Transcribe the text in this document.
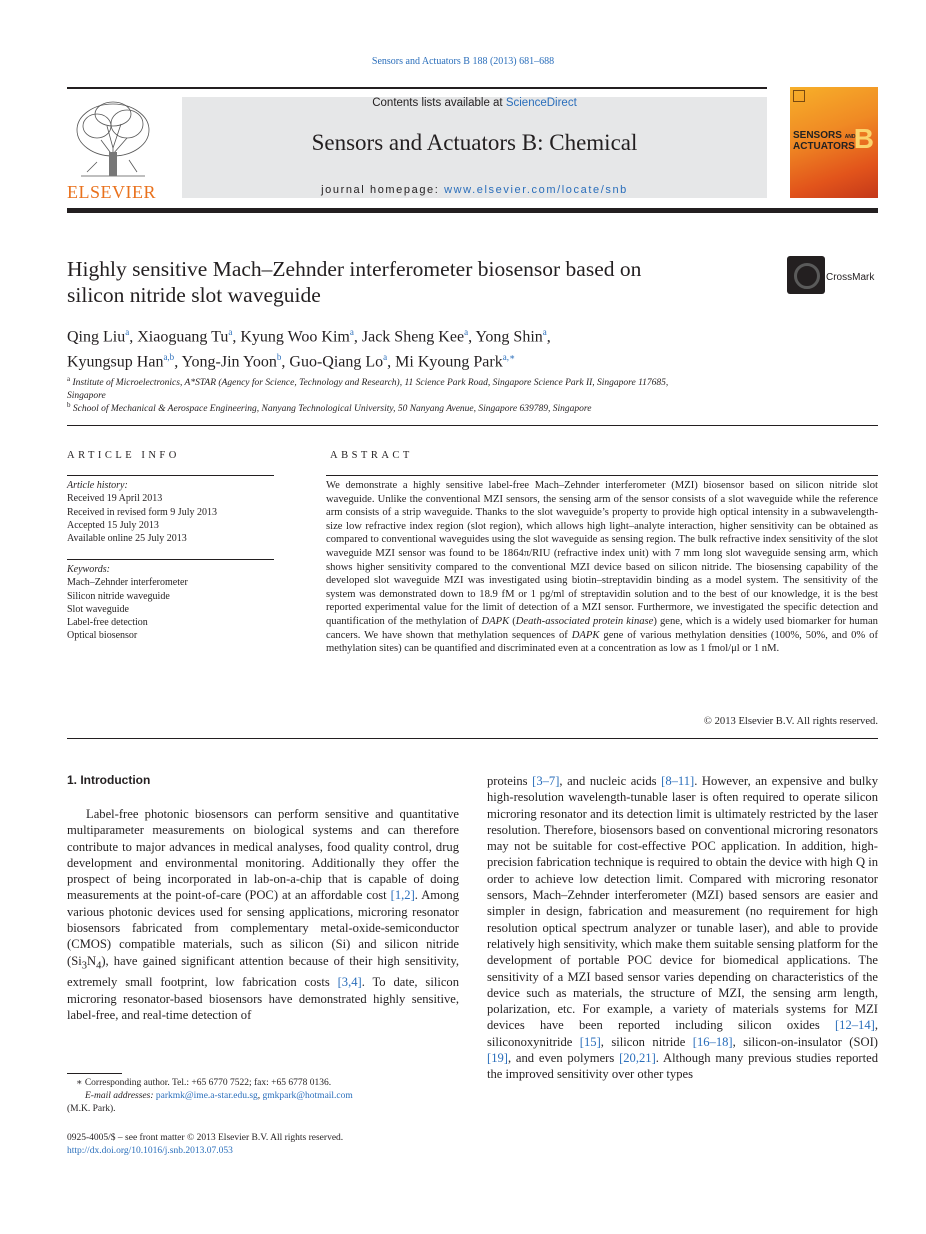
Sensors and Actuators B 188 (2013) 681–688
ELSEVIER
Contents lists available at ScienceDirect
Sensors and Actuators B: Chemical
journal homepage: www.elsevier.com/locate/snb
SENSORS AND
ACTUATORS
B
Highly sensitive Mach–Zehnder interferometer biosensor based on
silicon nitride slot waveguide
CrossMark
Qing Liu$^a$, Xiaoguang Tu$^a$, Kyung Woo Kim$^a$, Jack Sheng Kee$^a$, Yong Shin$^a$,
Kyungsup Han$^{a,b}$, Yong-Jin Yoon$^b$, Guo-Qiang Lo$^a$, Mi Kyoung Park$^{a,∗}$
$^a$ Institute of Microelectronics, A*STAR (Agency for Science, Technology and Research), 11 Science Park Road, Singapore Science Park II, Singapore 117685,
Singapore
$^b$ School of Mechanical & Aerospace Engineering, Nanyang Technological University, 50 Nanyang Avenue, Singapore 639789, Singapore
ARTICLE INFO
Article history:
Received 19 April 2013
Received in revised form 9 July 2013
Accepted 15 July 2013
Available online 25 July 2013
Keywords:
Mach–Zehnder interferometer
Silicon nitride waveguide
Slot waveguide
Label-free detection
Optical biosensor
ABSTRACT
We demonstrate a highly sensitive label-free Mach–Zehnder interferometer (MZI) biosensor based on silicon nitride slot waveguide. Unlike the conventional MZI sensors, the sensing arm of the sensor consists of a slot waveguide while the reference arm consists of a strip waveguide. Thanks to the slot waveguide’s property to provide high optical intensity in a subwavelength-size low refractive index region (slot region), which allows high light–analyte interaction, higher sensitivity can be obtained as compared to conventional waveguides using the slot waveguide as sensing region. The bulk refractive index sensitivity of the slot waveguide MZI sensor was found to be 1864π/RIU (refractive index unit) with 7 mm long slot waveguide sensing arm, which shows higher sensitivity compared to the conventional MZI device based on silicon nitride. The biosensing capability of the developed slot waveguide MZI was investigated using biotin–streptavidin binding as a model system. The sensitivity of the system was demonstrated down to 18.9 fM or 1 pg/ml of streptavidin solution and to the best of our knowledge, it is the best reported experimental value for the limit of detection of a MZI sensor. Furthermore, we investigated the specific detection and quantification of the methylation of DAPK (Death-associated protein kinase) gene, which is a widely used biomarker for human cancers. We have shown that methylation sequences of DAPK gene of various methylation densities (100%, 50%, and 0% of methylation sites) can be quantified and discriminated even at a concentration as low as 1 fmol/μl or 1 nM.
© 2013 Elsevier B.V. All rights reserved.
1. Introduction

Label-free photonic biosensors can perform sensitive and quantitative multiparameter measurements on biological systems and can therefore contribute to major advances in medical analyses, food quality control, drug development and environmental monitoring. Additionally they offer the prospect of being incorporated in lab-on-a-chip that is capable of doing measurements at the point-of-care (POC) at an affordable cost [1,2]. Among various photonic devices used for sensing applications, microring resonator biosensors fabricated from complementary metal-oxide-semiconductor (CMOS) compatible materials, such as silicon (Si) and silicon nitride $(Si_3N_4)$, have gained significant attention because of their high sensitivity, extremely small footprint, low fabrication costs [3,4]. To date, silicon microring resonator-based biosensors have demonstrated highly sensitive, label-free, and real-time detection of

proteins [3–7], and nucleic acids [8–11]. However, an expensive and bulky high-resolution wavelength-tunable laser is often required to operate silicon microring resonator and its detection limit is ultimately restricted by the laser resolution. Therefore, biosensors based on conventional microring resonators may not be suitable for cost-effective POC application. In addition, high-precision fabrication technique is required to obtain the device with high Q in order to achieve low detection limit. Compared with microring resonator sensors, Mach–Zehnder interferometer (MZI) based sensors are easier and simpler in design, fabrication and measurement (no requirement for high resolution optical spectrum analyzer or tunable laser), and able to provide relatively high sensitivity, which make them suitable sensing platform for the development of portable POC device for biomedical applications. The sensitivity of a MZI based sensor varies depending on characteristics of the device such as materials, the structure of MZI, the sensing arm length, polarization, etc. For example, a variety of materials systems for MZI devices have been reported including silicon oxides [12–14], siliconoxynitride [15], silicon nitride [16–18], silicon-on-insulator (SOI) [19], and even polymers [20,21]. Although many previous studies reported the improved sensitivity over other types

∗ Corresponding author. Tel.: +65 6770 7522; fax: +65 6778 0136.
E-mail addresses: parkmk@ime.a-star.edu.sg, gmkpark@hotmail.com
(M.K. Park).
0925-4005/$ – see front matter © 2013 Elsevier B.V. All rights reserved.
http://dx.doi.org/10.1016/j.snb.2013.07.053
